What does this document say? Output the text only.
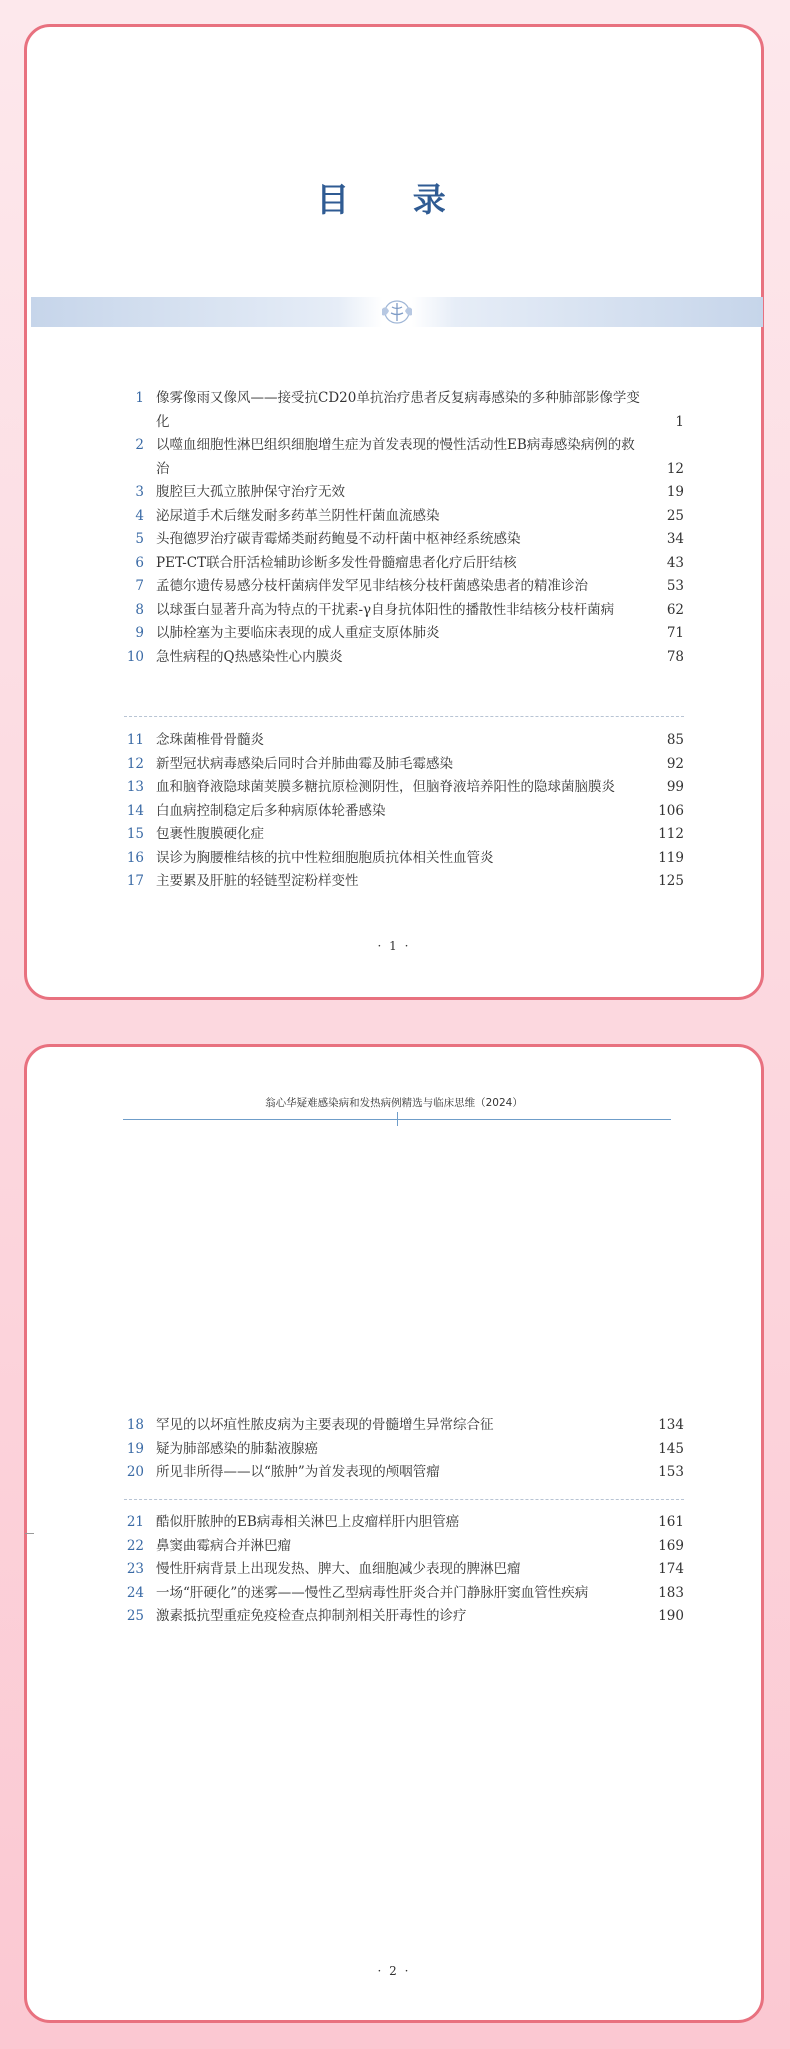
目 录
1 像雾像雨又像风——接受抗CD20单抗治疗患者反复病毒感染的多种肺部影像学变化	1
2 以噬血细胞性淋巴组织细胞增生症为首发表现的慢性活动性EB病毒感染病例的救治	12
3 腹腔巨大孤立脓肿保守治疗无效	19
4 泌尿道手术后继发耐多药革兰阴性杆菌血流感染	25
5 头孢德罗治疗碳青霉烯类耐药鲍曼不动杆菌中枢神经系统感染	34
6 PET-CT联合肝活检辅助诊断多发性骨髓瘤患者化疗后肝结核	43
7 孟德尔遗传易感分枝杆菌病伴发罕见非结核分枝杆菌感染患者的精准诊治	53
8 以球蛋白显著升高为特点的干扰素-γ自身抗体阳性的播散性非结核分枝杆菌病	62
9 以肺栓塞为主要临床表现的成人重症支原体肺炎	71
10 急性病程的Q热感染性心内膜炎	78
11 念珠菌椎骨骨髓炎	85
12 新型冠状病毒感染后同时合并肺曲霉及肺毛霉感染	92
13 血和脑脊液隐球菌荚膜多糖抗原检测阴性，但脑脊液培养阳性的隐球菌脑膜炎	99
14 白血病控制稳定后多种病原体轮番感染	106
15 包裹性腹膜硬化症	112
16 误诊为胸腰椎结核的抗中性粒细胞胞质抗体相关性血管炎	119
17 主要累及肝脏的轻链型淀粉样变性	125
· 1 ·
翁心华疑难感染病和发热病例精选与临床思维（2024）
18 罕见的以坏疽性脓皮病为主要表现的骨髓增生异常综合征	134
19 疑为肺部感染的肺黏液腺癌	145
20 所见非所得——以“脓肿”为首发表现的颅咽管瘤	153
21 酷似肝脓肿的EB病毒相关淋巴上皮瘤样肝内胆管癌	161
22 鼻窦曲霉病合并淋巴瘤	169
23 慢性肝病背景上出现发热、脾大、血细胞减少表现的脾淋巴瘤	174
24 一场“肝硬化”的迷雾——慢性乙型病毒性肝炎合并门静脉肝窦血管性疾病	183
25 激素抵抗型重症免疫检查点抑制剂相关肝毒性的诊疗	190
· 2 ·
